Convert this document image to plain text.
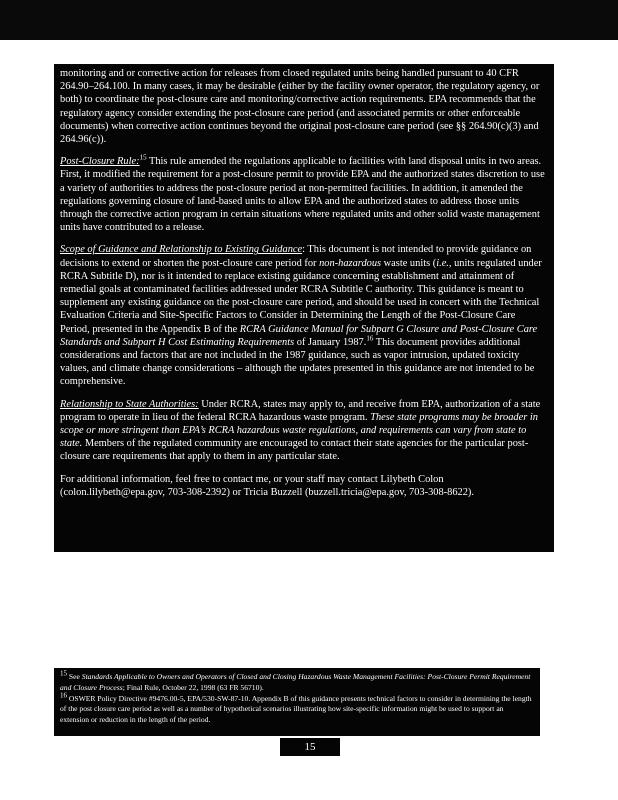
monitoring and or corrective action for releases from closed regulated units being handled pursuant to 40 CFR 264.90–264.100. In many cases, it may be desirable (either by the facility owner operator, the regulatory agency, or both) to coordinate the post-closure care and monitoring/corrective action requirements. EPA recommends that the regulatory agency consider extending the post-closure care period (and associated permits or other enforceable documents) when corrective action continues beyond the original post-closure care period (see §§ 264.90(c)(3) and 264.96(c)).

Post-Closure Rule:$^{15}$ This rule amended the regulations applicable to facilities with land disposal units in two areas. First, it modified the requirement for a post-closure permit to provide EPA and the authorized states discretion to use a variety of authorities to address the post-closure period at non-permitted facilities. In addition, it amended the regulations governing closure of land-based units to allow EPA and the authorized states to address those units through the corrective action program in certain situations where regulated units and other solid waste management units have contributed to a release.

Scope of Guidance and Relationship to Existing Guidance: This document is not intended to provide guidance on decisions to extend or shorten the post-closure care period for non-hazardous waste units (i.e., units regulated under RCRA Subtitle D), nor is it intended to replace existing guidance concerning establishment and attainment of remedial goals at contaminated facilities addressed under RCRA Subtitle C authority. This guidance is meant to supplement any existing guidance on the post-closure care period, and should be used in concert with the Technical Evaluation Criteria and Site-Specific Factors to Consider in Determining the Length of the Post-Closure Care Period, presented in the Appendix B of the RCRA Guidance Manual for Subpart G Closure and Post-Closure Care Standards and Subpart H Cost Estimating Requirements of January 1987.16 This document provides additional considerations and factors that are not included in the 1987 guidance, such as vapor intrusion, updated toxicity values, and climate change considerations – although the updates presented in this guidance are not intended to be comprehensive.

Relationship to State Authorities: Under RCRA, states may apply to, and receive from EPA, authorization of a state program to operate in lieu of the federal RCRA hazardous waste program. These state programs may be broader in scope or more stringent than EPA’s RCRA hazardous waste regulations, and requirements can vary from state to state. Members of the regulated community are encouraged to contact their state agencies for the particular post-closure care requirements that apply to them in any particular state.

For additional information, feel free to contact me, or your staff may contact Lilybeth Colon (colon.lilybeth@epa.gov, 703-308-2392) or Tricia Buzzell (buzzell.tricia@epa.gov, 703-308-8622).

$^{15}$ See Standards Applicable to Owners and Operators of Closed and Closing Hazardous Waste Management Facilities: Post-Closure Permit Requirement and Closure Process; Final Rule, October 22, 1998 (63 FR 56710).

$^{16}$ OSWER Policy Directive #9476.00-5, EPA/530-SW-87-10. Appendix B of this guidance presents technical factors to consider in determining the length of the post closure care period as well as a number of hypothetical scenarios illustrating how site-specific information might be used to support an extension or reduction in the length of the period.

15
